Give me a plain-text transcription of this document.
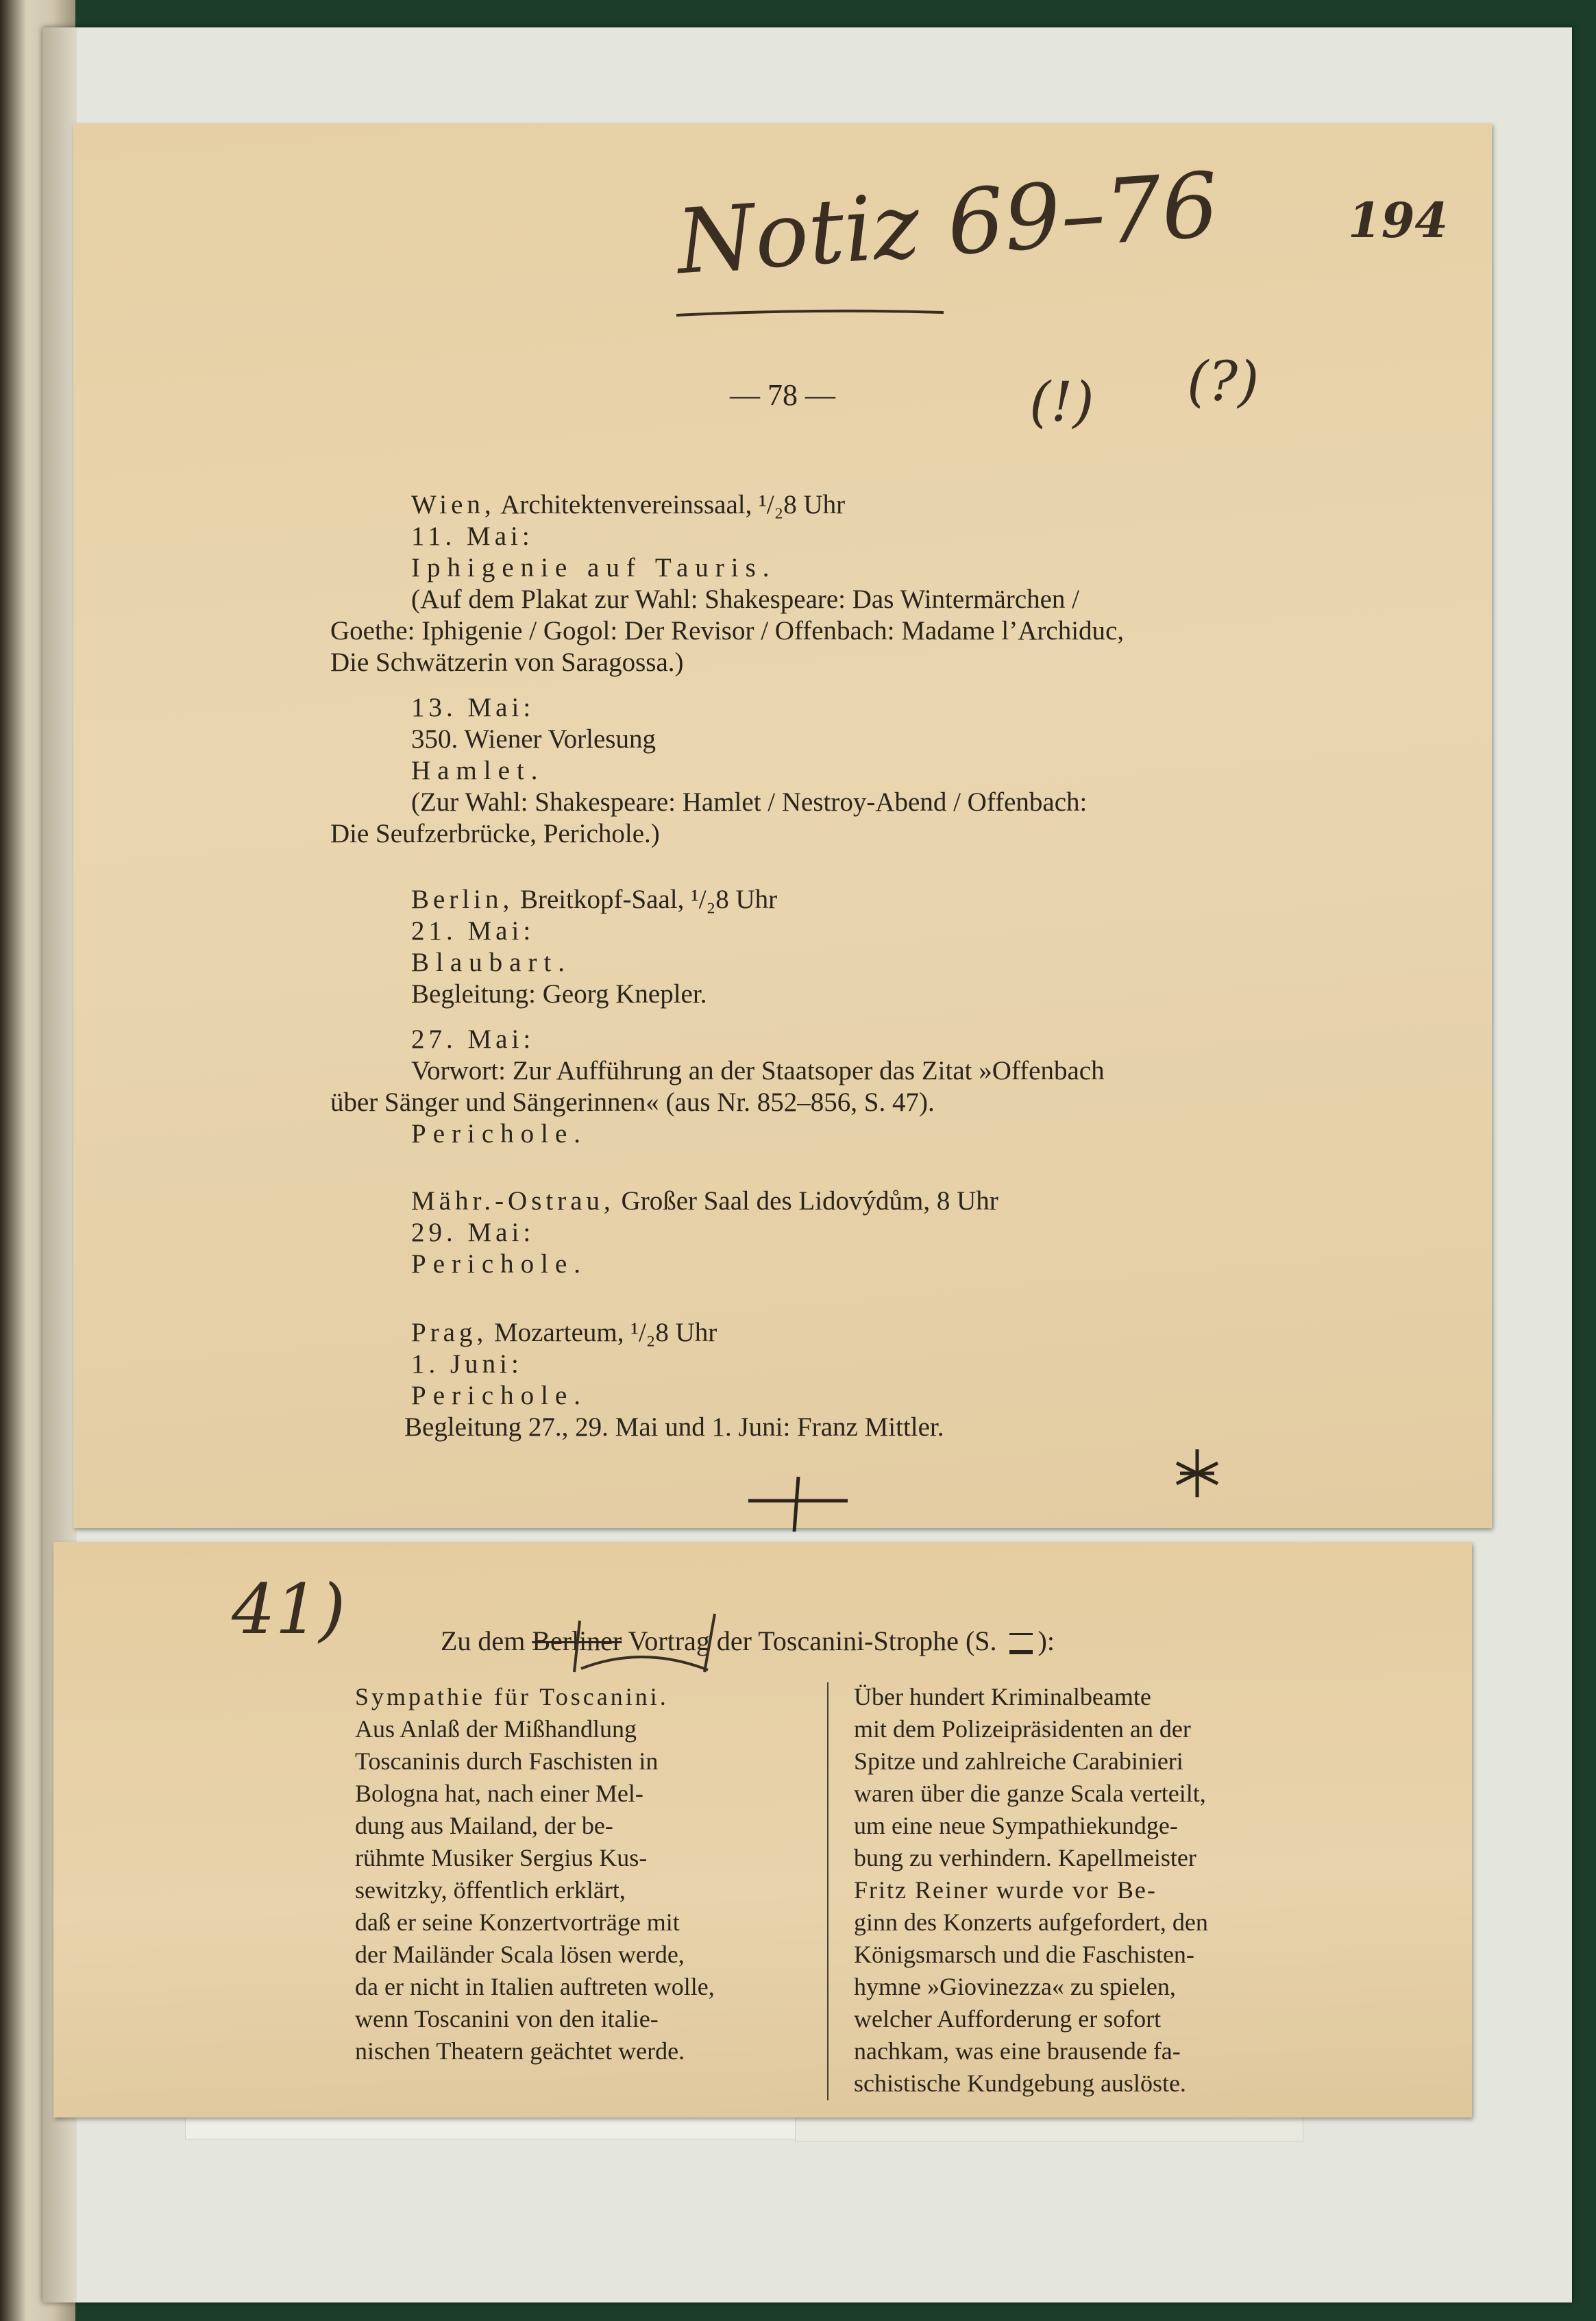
Notiz 69–76	194
(!) (?)
— 78 —
Wien, Architektenvereinssaal, ¹/₂8 Uhr
11. Mai:
Iphigenie auf Tauris.
(Auf dem Plakat zur Wahl: Shakespeare: Das Wintermärchen /
Goethe: Iphigenie / Gogol: Der Revisor / Offenbach: Madame l’Archiduc,
Die Schwätzerin von Saragossa.)
13. Mai:
350. Wiener Vorlesung
Hamlet.
(Zur Wahl: Shakespeare: Hamlet / Nestroy-Abend / Offenbach:
Die Seufzerbrücke, Perichole.)
Berlin, Breitkopf-Saal, ¹/₂8 Uhr
21. Mai:
Blaubart.
Begleitung: Georg Knepler.
27. Mai:
Vorwort: Zur Aufführung an der Staatsoper das Zitat »Offenbach
über Sänger und Sängerinnen« (aus Nr. 852–856, S. 47).
Perichole.
Mähr.-Ostrau, Großer Saal des Lidovýdům, 8 Uhr
29. Mai:
Perichole.
Prag, Mozarteum, ¹/₂8 Uhr
1. Juni:
Perichole.
Begleitung 27., 29. Mai und 1. Juni: Franz Mittler.
41)	Zu dem Berliner Vortrag der Toscanini-Strophe (S. ):
Sympathie für Toscanini.
Aus Anlaß der Mißhandlung
Toscaninis durch Faschisten in
Bologna hat, nach einer Mel-
dung aus Mailand, der be-
rühmte Musiker Sergius Kus-
sewitzky, öffentlich erklärt,
daß er seine Konzertvorträge mit
der Mailänder Scala lösen werde,
da er nicht in Italien auftreten wolle,
wenn Toscanini von den italie-
nischen Theatern geächtet werde.
Über hundert Kriminalbeamte
mit dem Polizeipräsidenten an der
Spitze und zahlreiche Carabinieri
waren über die ganze Scala verteilt,
um eine neue Sympathiekundge-
bung zu verhindern. Kapellmeister
Fritz Reiner wurde vor Be-
ginn des Konzerts aufgefordert, den
Königsmarsch und die Faschisten-
hymne »Giovinezza« zu spielen,
welcher Aufforderung er sofort
nachkam, was eine brausende fa-
schistische Kundgebung auslöste.
